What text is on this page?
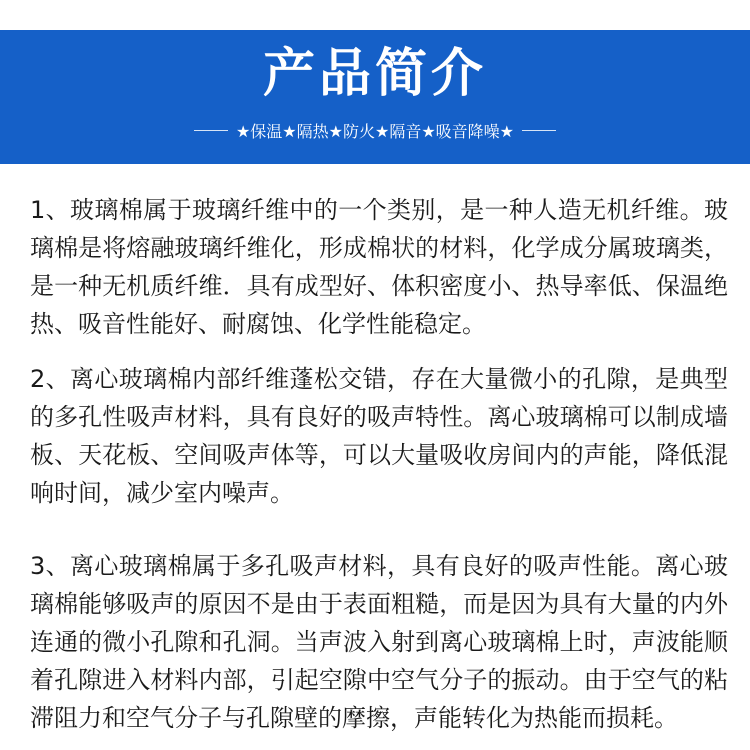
产品简介
★保温★隔热★防火★隔音★吸音降噪★

1、玻璃棉属于玻璃纤维中的一个类别，是一种人造无机纤维。玻璃棉是将熔融玻璃纤维化，形成棉状的材料，化学成分属玻璃类，是一种无机质纤维．具有成型好、体积密度小、热导率低、保温绝热、吸音性能好、耐腐蚀、化学性能稳定。

2、离心玻璃棉内部纤维蓬松交错，存在大量微小的孔隙，是典型的多孔性吸声材料，具有良好的吸声特性。离心玻璃棉可以制成墙板、天花板、空间吸声体等，可以大量吸收房间内的声能，降低混响时间，减少室内噪声。

3、离心玻璃棉属于多孔吸声材料，具有良好的吸声性能。离心玻璃棉能够吸声的原因不是由于表面粗糙，而是因为具有大量的内外连通的微小孔隙和孔洞。当声波入射到离心玻璃棉上时，声波能顺着孔隙进入材料内部，引起空隙中空气分子的振动。由于空气的粘滞阻力和空气分子与孔隙壁的摩擦，声能转化为热能而损耗。
